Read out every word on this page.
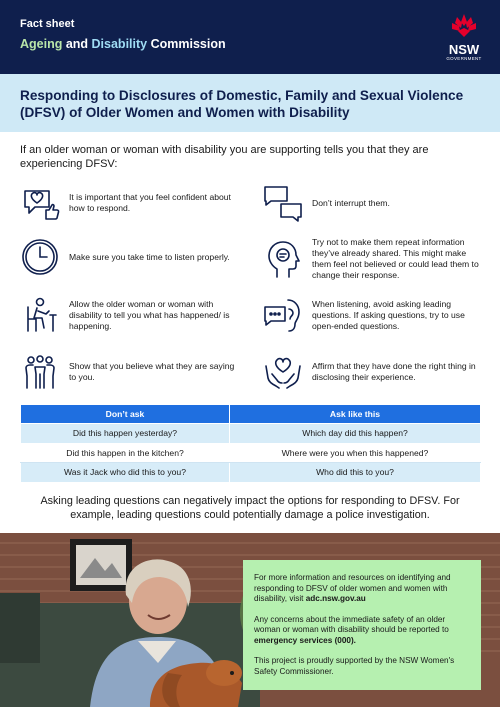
Fact sheet
Ageing and Disability Commission	NSW
GOVERNMENT
Responding to Disclosures of Domestic, Family and Sexual Violence (DFSV) of Older Women and Women with Disability
If an older woman or woman with disability you are supporting tells you that they are experiencing DFSV:
It is important that you feel confident about how to respond.
Make sure you take time to listen properly.
Allow the older woman or woman with disability to tell you what has happened/ is happening.
Show that you believe what they are saying to you.
Don’t interrupt them.
Try not to make them repeat information they’ve already shared. This might make them feel not believed or could lead them to change their response.
When listening, avoid asking leading questions. If asking questions, try to use open-ended questions.
Affirm that they have done the right thing in disclosing their experience.
Don’t ask	Ask like this
Did this happen yesterday?	Which day did this happen?
Did this happen in the kitchen?	Where were you when this happened?
Was it Jack who did this to you?	Who did this to you?
Asking leading questions can negatively impact the options for responding to DFSV. For example, leading questions could potentially damage a police investigation.

For more information and resources on identifying and responding to DFSV of older women and women with disability, visit adc.nsw.gov.au

Any concerns about the immediate safety of an older woman or woman with disability should be reported to emergency services (000).

This project is proudly supported by the NSW Women's Safety Commissioner.
